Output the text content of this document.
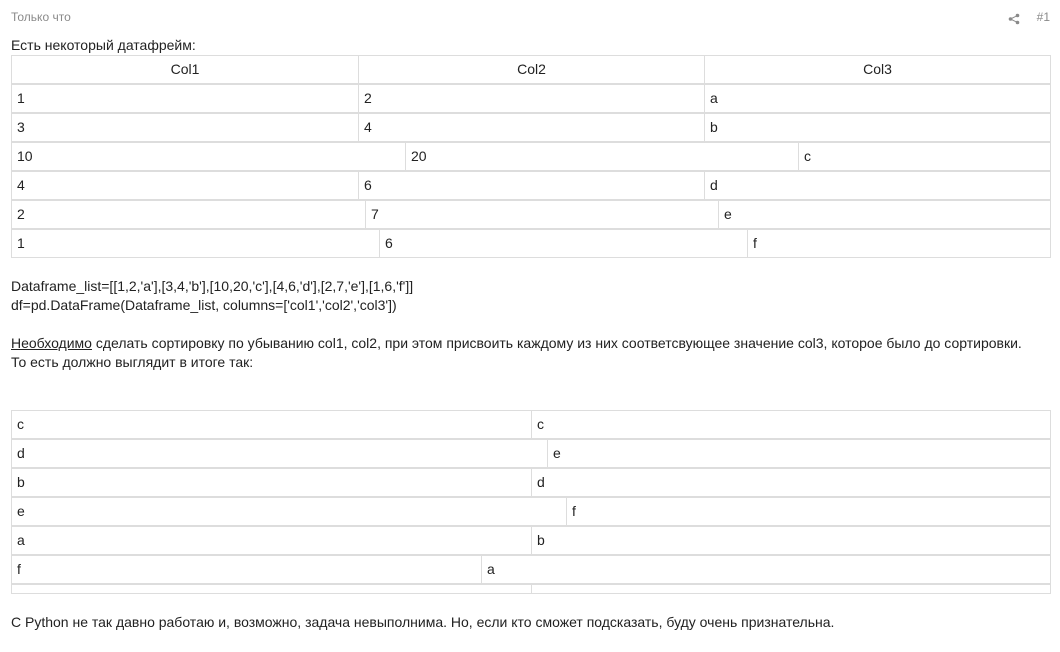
Только что	#1
Есть некоторый датафрейм:
Col1	Col2	Col3
1	2	a
3	4	b
10	20	c
4	6	d
2	7	e
1	6	f
Dataframe_list=[[1,2,'a'],[3,4,'b'],[10,20,'c'],[4,6,'d'],[2,7,'e'],[1,6,'f']]
df=pd.DataFrame(Dataframe_list, columns=['col1','col2','col3'])
Необходимо сделать сортировку по убыванию col1, col2, при этом присвоить каждому из них соответсвующее значение col3, которое было до сортировки.
То есть должно выглядит в итоге так:
c	c
d	e
b	d
e	f
a	b
f	a
С Python не так давно работаю и, возможно, задача невыполнима. Но, если кто сможет подсказать, буду очень признательна.
